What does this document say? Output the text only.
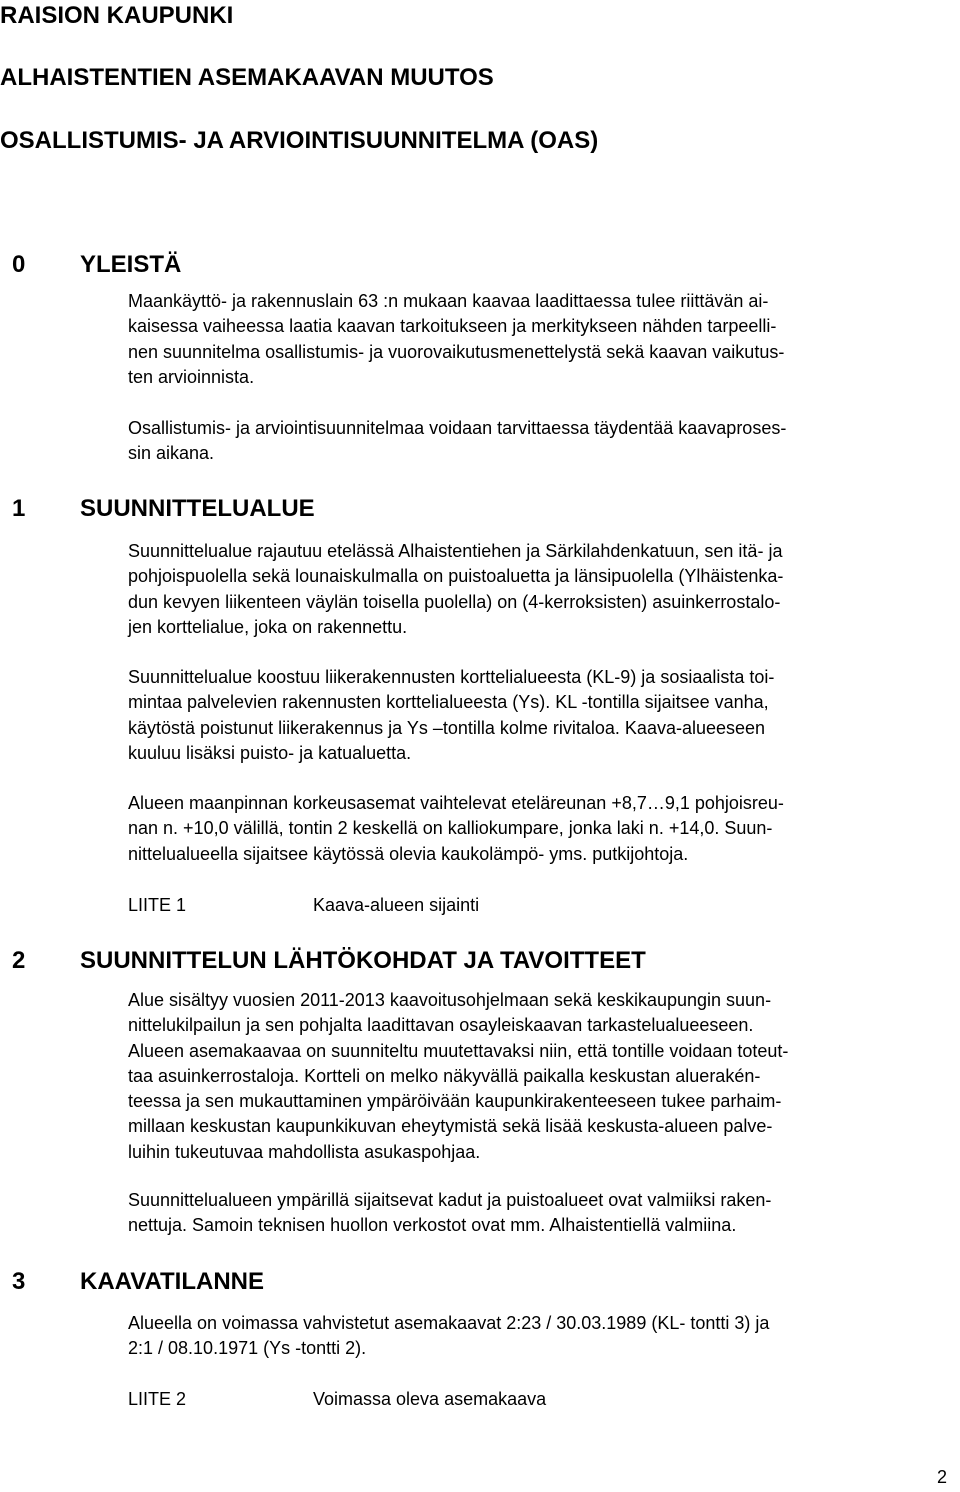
RAISION KAUPUNKI
ALHAISTENTIEN ASEMAKAAVAN MUUTOS
OSALLISTUMIS- JA ARVIOINTISUUNNITELMA (OAS)
0 YLEISTÄ
Maankäyttö- ja rakennuslain 63 :n mukaan kaavaa laadittaessa tulee riittävän ai-
kaisessa vaiheessa laatia kaavan tarkoitukseen ja merkitykseen nähden tarpeelli-
nen suunnitelma osallistumis- ja vuorovaikutusmenettelystä sekä kaavan vaikutus-
ten arvioinnista.
Osallistumis- ja arviointisuunnitelmaa voidaan tarvittaessa täydentää kaavaproses-
sin aikana.
1 SUUNNITTELUALUE
Suunnittelualue rajautuu etelässä Alhaistentiehen ja Särkilahdenkatuun, sen itä- ja
pohjoispuolella sekä lounaiskulmalla on puistoaluetta ja länsipuolella (Ylhäistenka-
dun kevyen liikenteen väylän toisella puolella) on (4-kerroksisten) asuinkerrostalo-
jen korttelialue, joka on rakennettu.
Suunnittelualue koostuu liikerakennusten korttelialueesta (KL-9) ja sosiaalista toi-
mintaa palvelevien rakennusten korttelialueesta (Ys). KL -tontilla sijaitsee vanha,
käytöstä poistunut liikerakennus ja Ys –tontilla kolme rivitaloa. Kaava-alueeseen
kuuluu lisäksi puisto- ja katualuetta.
Alueen maanpinnan korkeusasemat vaihtelevat eteläreunan +8,7…9,1 pohjoisreu-
nan n. +10,0 välillä, tontin 2 keskellä on kalliokumpare, jonka laki n. +14,0. Suun-
nittelualueella sijaitsee käytössä olevia kaukolämpö- yms. putkijohtoja.
LIITE 1	Kaava-alueen sijainti
2 SUUNNITTELUN LÄHTÖKOHDAT JA TAVOITTEET
Alue sisältyy vuosien 2011-2013 kaavoitusohjelmaan sekä keskikaupungin suun-
nittelukilpailun ja sen pohjalta laadittavan osayleiskaavan tarkastelualueeseen.
Alueen asemakaavaa on suunniteltu muutettavaksi niin, että tontille voidaan toteut-
taa asuinkerrostaloja. Kortteli on melko näkyvällä paikalla keskustan aluerakén-
teessa ja sen mukauttaminen ympäröivään kaupunkirakenteeseen tukee parhaim-
millaan keskustan kaupunkikuvan eheytymistä sekä lisää keskusta-alueen palve-
luihin tukeutuvaa mahdollista asukaspohjaa.
Suunnittelualueen ympärillä sijaitsevat kadut ja puistoalueet ovat valmiiksi raken-
nettuja. Samoin teknisen huollon verkostot ovat mm. Alhaistentiellä valmiina.
3 KAAVATILANNE
Alueella on voimassa vahvistetut asemakaavat 2:23 / 30.03.1989 (KL- tontti 3) ja
2:1 / 08.10.1971 (Ys -tontti 2).
LIITE 2	Voimassa oleva asemakaava
2
